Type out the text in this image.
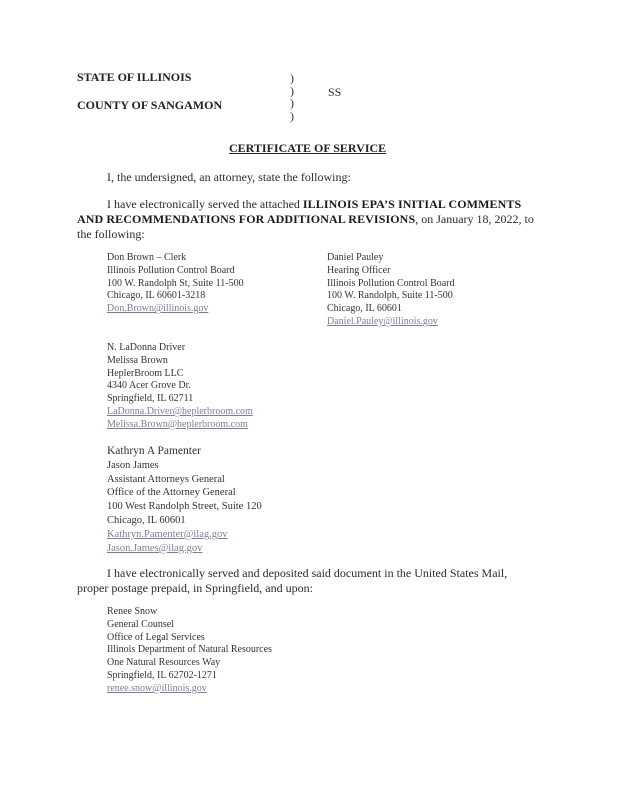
STATE OF ILLINOIS
COUNTY OF SANGAMON
)
)
)
)
SS
CERTIFICATE OF SERVICE
I, the undersigned, an attorney, state the following:
I have electronically served the attached ILLINOIS EPA’S INITIAL COMMENTS
AND RECOMMENDATIONS FOR ADDITIONAL REVISIONS, on January 18, 2022, to
the following:
Don Brown – Clerk
Illinois Pollution Control Board
100 W. Randolph St, Suite 11-500
Chicago, IL 60601-3218
Don.Brown@illinois.gov
Daniel Pauley
Hearing Officer
Illinois Pollution Control Board
100 W. Randolph, Suite 11-500
Chicago, IL 60601
Daniel.Pauley@illinois.gov
N. LaDonna Driver
Melissa Brown
HeplerBroom LLC
4340 Acer Grove Dr.
Springfield, IL 62711
LaDonna.Driver@heplerbroom.com
Melissa.Brown@heplerbroom.com
Kathryn A Pamenter
Jason James
Assistant Attorneys General
Office of the Attorney General
100 West Randolph Street, Suite 120
Chicago, IL 60601
Kathryn.Pamenter@ilag.gov
Jason.James@ilag.gov
I have electronically served and deposited said document in the United States Mail,
proper postage prepaid, in Springfield, and upon:
Renee Snow
General Counsel
Office of Legal Services
Illinois Department of Natural Resources
One Natural Resources Way
Springfield, IL 62702-1271
renee.snow@illinois.gov
